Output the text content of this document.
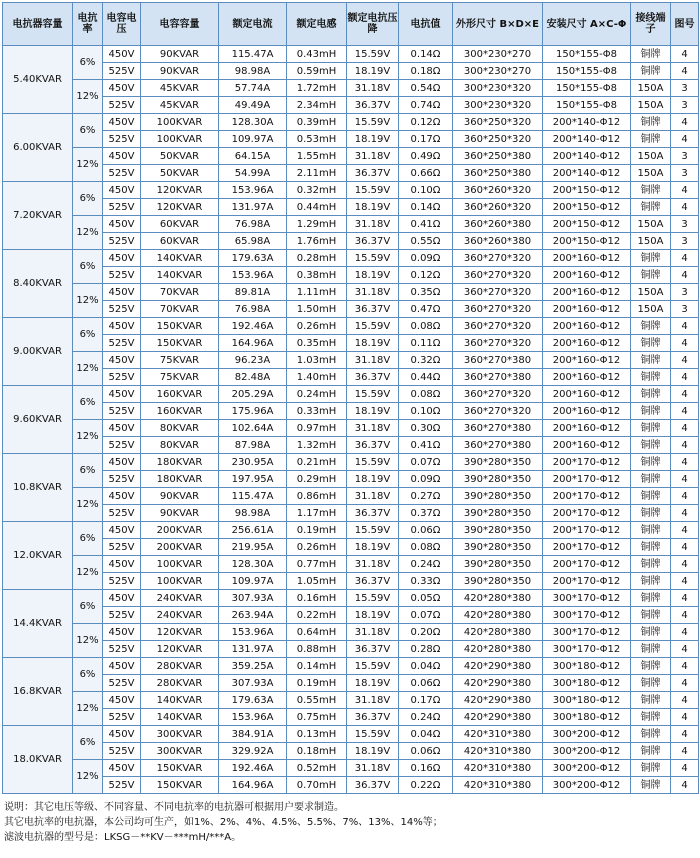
电抗器容量	电抗率	电容电压	电容容量	额定电流	额定电感	额定电抗压降	电抗值	外形尺寸 B×D×E	安装尺寸 A×C-Φ	接线端子	图号
5.40KVAR	6%	450V	90KVAR	115.47A	0.43mH	15.59V	0.14Ω	300*230*270	150*155-Φ8	铜牌	4
		525V	90KVAR	98.98A	0.59mH	18.19V	0.18Ω	300*230*270	150*155-Φ8	铜牌	4
	12%	450V	45KVAR	57.74A	1.72mH	31.18V	0.54Ω	300*230*320	150*155-Φ8	150A	3
		525V	45KVAR	49.49A	2.34mH	36.37V	0.74Ω	300*230*320	150*155-Φ8	150A	3
6.00KVAR	6%	450V	100KVAR	128.30A	0.39mH	15.59V	0.12Ω	360*250*320	200*140-Φ12	铜牌	4
		525V	100KVAR	109.97A	0.53mH	18.19V	0.17Ω	360*250*320	200*140-Φ12	铜牌	4
	12%	450V	50KVAR	64.15A	1.55mH	31.18V	0.49Ω	360*250*380	200*140-Φ12	150A	3
		525V	50KVAR	54.99A	2.11mH	36.37V	0.66Ω	360*250*380	200*140-Φ12	150A	3
7.20KVAR	6%	450V	120KVAR	153.96A	0.32mH	15.59V	0.10Ω	360*260*320	200*150-Φ12	铜牌	4
		525V	120KVAR	131.97A	0.44mH	18.19V	0.14Ω	360*260*320	200*150-Φ12	铜牌	4
	12%	450V	60KVAR	76.98A	1.29mH	31.18V	0.41Ω	360*260*380	200*150-Φ12	150A	3
		525V	60KVAR	65.98A	1.76mH	36.37V	0.55Ω	360*260*380	200*150-Φ12	150A	3
8.40KVAR	6%	450V	140KVAR	179.63A	0.28mH	15.59V	0.09Ω	360*270*320	200*160-Φ12	铜牌	4
		525V	140KVAR	153.96A	0.38mH	18.19V	0.12Ω	360*270*320	200*160-Φ12	铜牌	4
	12%	450V	70KVAR	89.81A	1.11mH	31.18V	0.35Ω	360*270*320	200*160-Φ12	150A	3
		525V	70KVAR	76.98A	1.50mH	36.37V	0.47Ω	360*270*320	200*160-Φ12	150A	3
9.00KVAR	6%	450V	150KVAR	192.46A	0.26mH	15.59V	0.08Ω	360*270*320	200*160-Φ12	铜牌	4
		525V	150KVAR	164.96A	0.35mH	18.19V	0.11Ω	360*270*320	200*160-Φ12	铜牌	4
	12%	450V	75KVAR	96.23A	1.03mH	31.18V	0.32Ω	360*270*380	200*160-Φ12	铜牌	4
		525V	75KVAR	82.48A	1.40mH	36.37V	0.44Ω	360*270*380	200*160-Φ12	铜牌	4
9.60KVAR	6%	450V	160KVAR	205.29A	0.24mH	15.59V	0.08Ω	360*270*320	200*160-Φ12	铜牌	4
		525V	160KVAR	175.96A	0.33mH	18.19V	0.10Ω	360*270*320	200*160-Φ12	铜牌	4
	12%	450V	80KVAR	102.64A	0.97mH	31.18V	0.30Ω	360*270*380	200*160-Φ12	铜牌	4
		525V	80KVAR	87.98A	1.32mH	36.37V	0.41Ω	360*270*380	200*160-Φ12	铜牌	4
10.8KVAR	6%	450V	180KVAR	230.95A	0.21mH	15.59V	0.07Ω	390*280*350	200*170-Φ12	铜牌	4
		525V	180KVAR	197.95A	0.29mH	18.19V	0.09Ω	390*280*350	200*170-Φ12	铜牌	4
	12%	450V	90KVAR	115.47A	0.86mH	31.18V	0.27Ω	390*280*350	200*170-Φ12	铜牌	4
		525V	90KVAR	98.98A	1.17mH	36.37V	0.37Ω	390*280*350	200*170-Φ12	铜牌	4
12.0KVAR	6%	450V	200KVAR	256.61A	0.19mH	15.59V	0.06Ω	390*280*350	200*170-Φ12	铜牌	4
		525V	200KVAR	219.95A	0.26mH	18.19V	0.08Ω	390*280*350	200*170-Φ12	铜牌	4
	12%	450V	100KVAR	128.30A	0.77mH	31.18V	0.24Ω	390*280*350	200*170-Φ12	铜牌	4
		525V	100KVAR	109.97A	1.05mH	36.37V	0.33Ω	390*280*350	200*170-Φ12	铜牌	4
14.4KVAR	6%	450V	240KVAR	307.93A	0.16mH	15.59V	0.05Ω	420*280*380	300*170-Φ12	铜牌	4
		525V	240KVAR	263.94A	0.22mH	18.19V	0.07Ω	420*280*380	300*170-Φ12	铜牌	4
	12%	450V	120KVAR	153.96A	0.64mH	31.18V	0.20Ω	420*280*380	300*170-Φ12	铜牌	4
		525V	120KVAR	131.97A	0.88mH	36.37V	0.28Ω	420*280*380	300*170-Φ12	铜牌	4
16.8KVAR	6%	450V	280KVAR	359.25A	0.14mH	15.59V	0.04Ω	420*290*380	300*180-Φ12	铜牌	4
		525V	280KVAR	307.93A	0.19mH	18.19V	0.06Ω	420*290*380	300*180-Φ12	铜牌	4
	12%	450V	140KVAR	179.63A	0.55mH	31.18V	0.17Ω	420*290*380	300*180-Φ12	铜牌	4
		525V	140KVAR	153.96A	0.75mH	36.37V	0.24Ω	420*290*380	300*180-Φ12	铜牌	4
18.0KVAR	6%	450V	300KVAR	384.91A	0.13mH	15.59V	0.04Ω	420*310*380	300*200-Φ12	铜牌	4
		525V	300KVAR	329.92A	0.18mH	18.19V	0.06Ω	420*310*380	300*200-Φ12	铜牌	4
	12%	450V	150KVAR	192.46A	0.52mH	31.18V	0.16Ω	420*310*380	300*200-Φ12	铜牌	4
		525V	150KVAR	164.96A	0.70mH	36.37V	0.22Ω	420*310*380	300*200-Φ12	铜牌	4
说明：其它电压等级、不同容量、不同电抗率的电抗器可根据用户要求制造。
其它电抗率的电抗器，本公司均可生产，如1%、2%、4%、4.5%、5.5%、7%、13%、14%等；
滤波电抗器的型号是：LKSG－**KV－***mH/***A。
